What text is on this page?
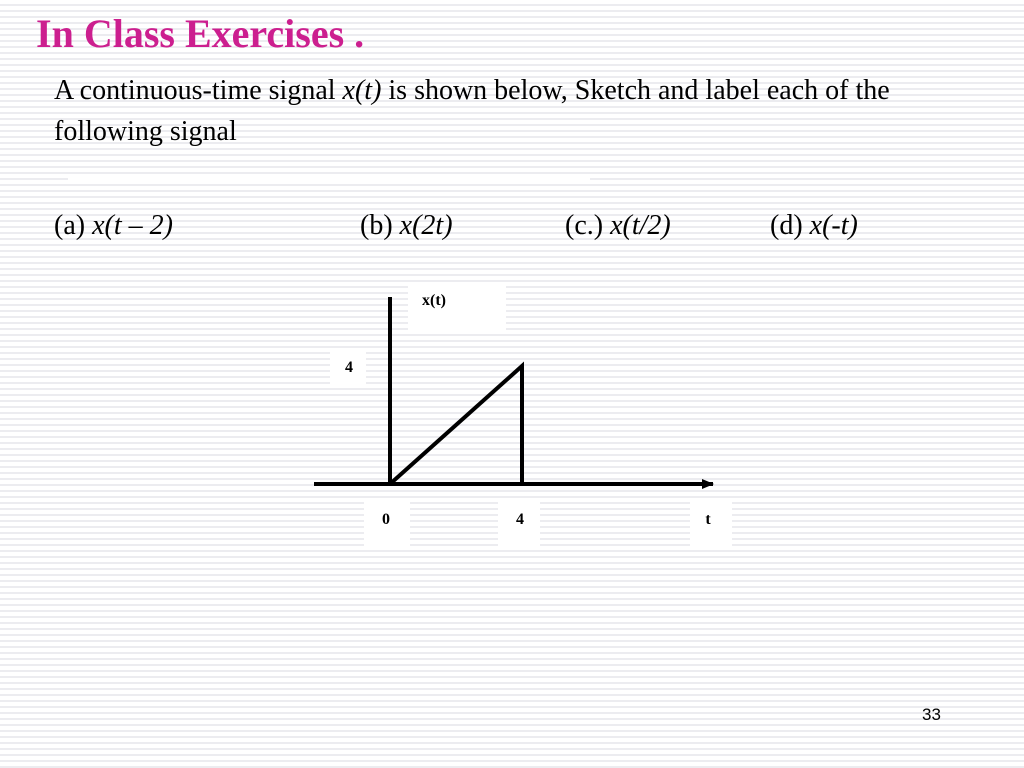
In Class Exercises .
A continuous-time signal x(t) is shown below, Sketch and label each of the following signal
(a) x(t – 2)	(b) x(2t)	(c.) x(t/2)	(d) x(-t)
x(t)
4
0	4	t
33
